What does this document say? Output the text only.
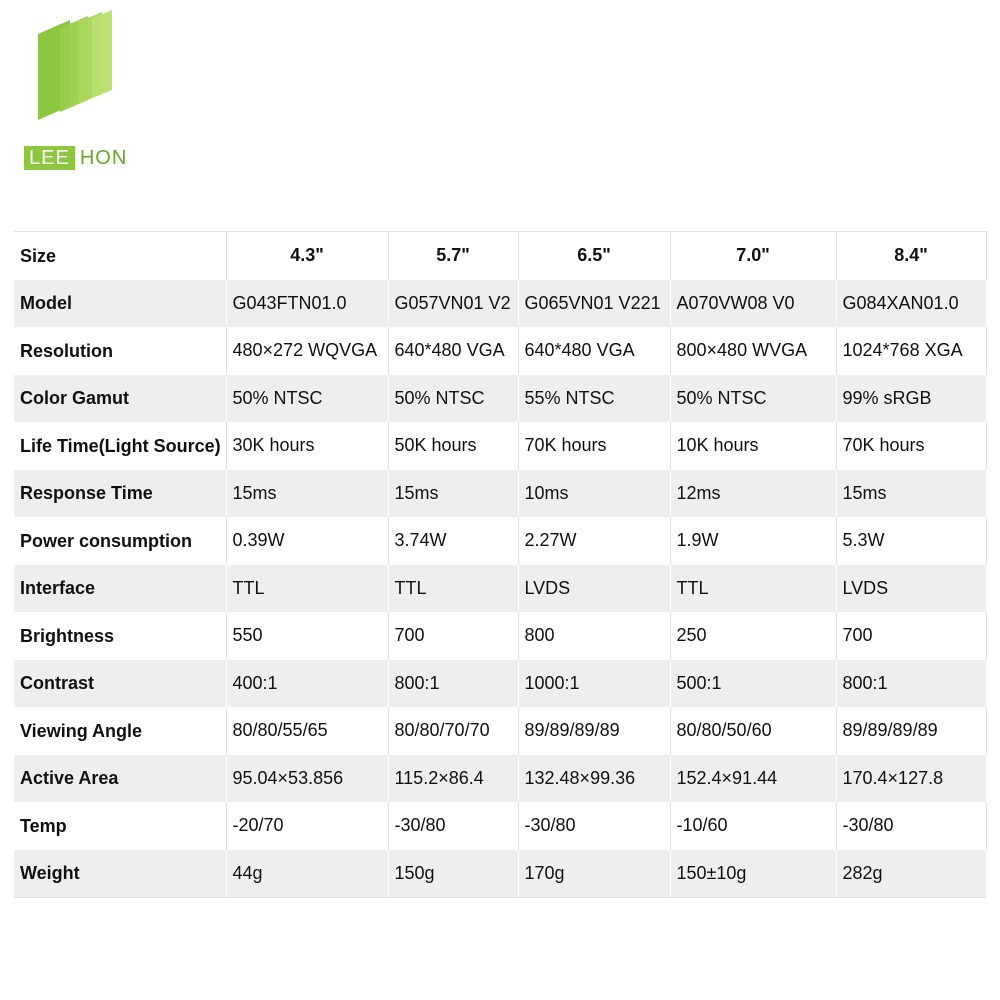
LEE HON
Size	4.3"	5.7"	6.5"	7.0"	8.4"
Model	G043FTN01.0	G057VN01 V2	G065VN01 V221	A070VW08 V0	G084XAN01.0
Resolution	480×272 WQVGA	640*480 VGA	640*480 VGA	800×480 WVGA	1024*768 XGA
Color Gamut	50% NTSC	50% NTSC	55% NTSC	50% NTSC	99% sRGB
Life Time(Light Source)	30K hours	50K hours	70K hours	10K hours	70K hours
Response Time	15ms	15ms	10ms	12ms	15ms
Power consumption	0.39W	3.74W	2.27W	1.9W	5.3W
Interface	TTL	TTL	LVDS	TTL	LVDS
Brightness	550	700	800	250	700
Contrast	400:1	800:1	1000:1	500:1	800:1
Viewing Angle	80/80/55/65	80/80/70/70	89/89/89/89	80/80/50/60	89/89/89/89
Active Area	95.04×53.856	115.2×86.4	132.48×99.36	152.4×91.44	170.4×127.8
Temp	-20/70	-30/80	-30/80	-10/60	-30/80
Weight	44g	150g	170g	150±10g	282g
